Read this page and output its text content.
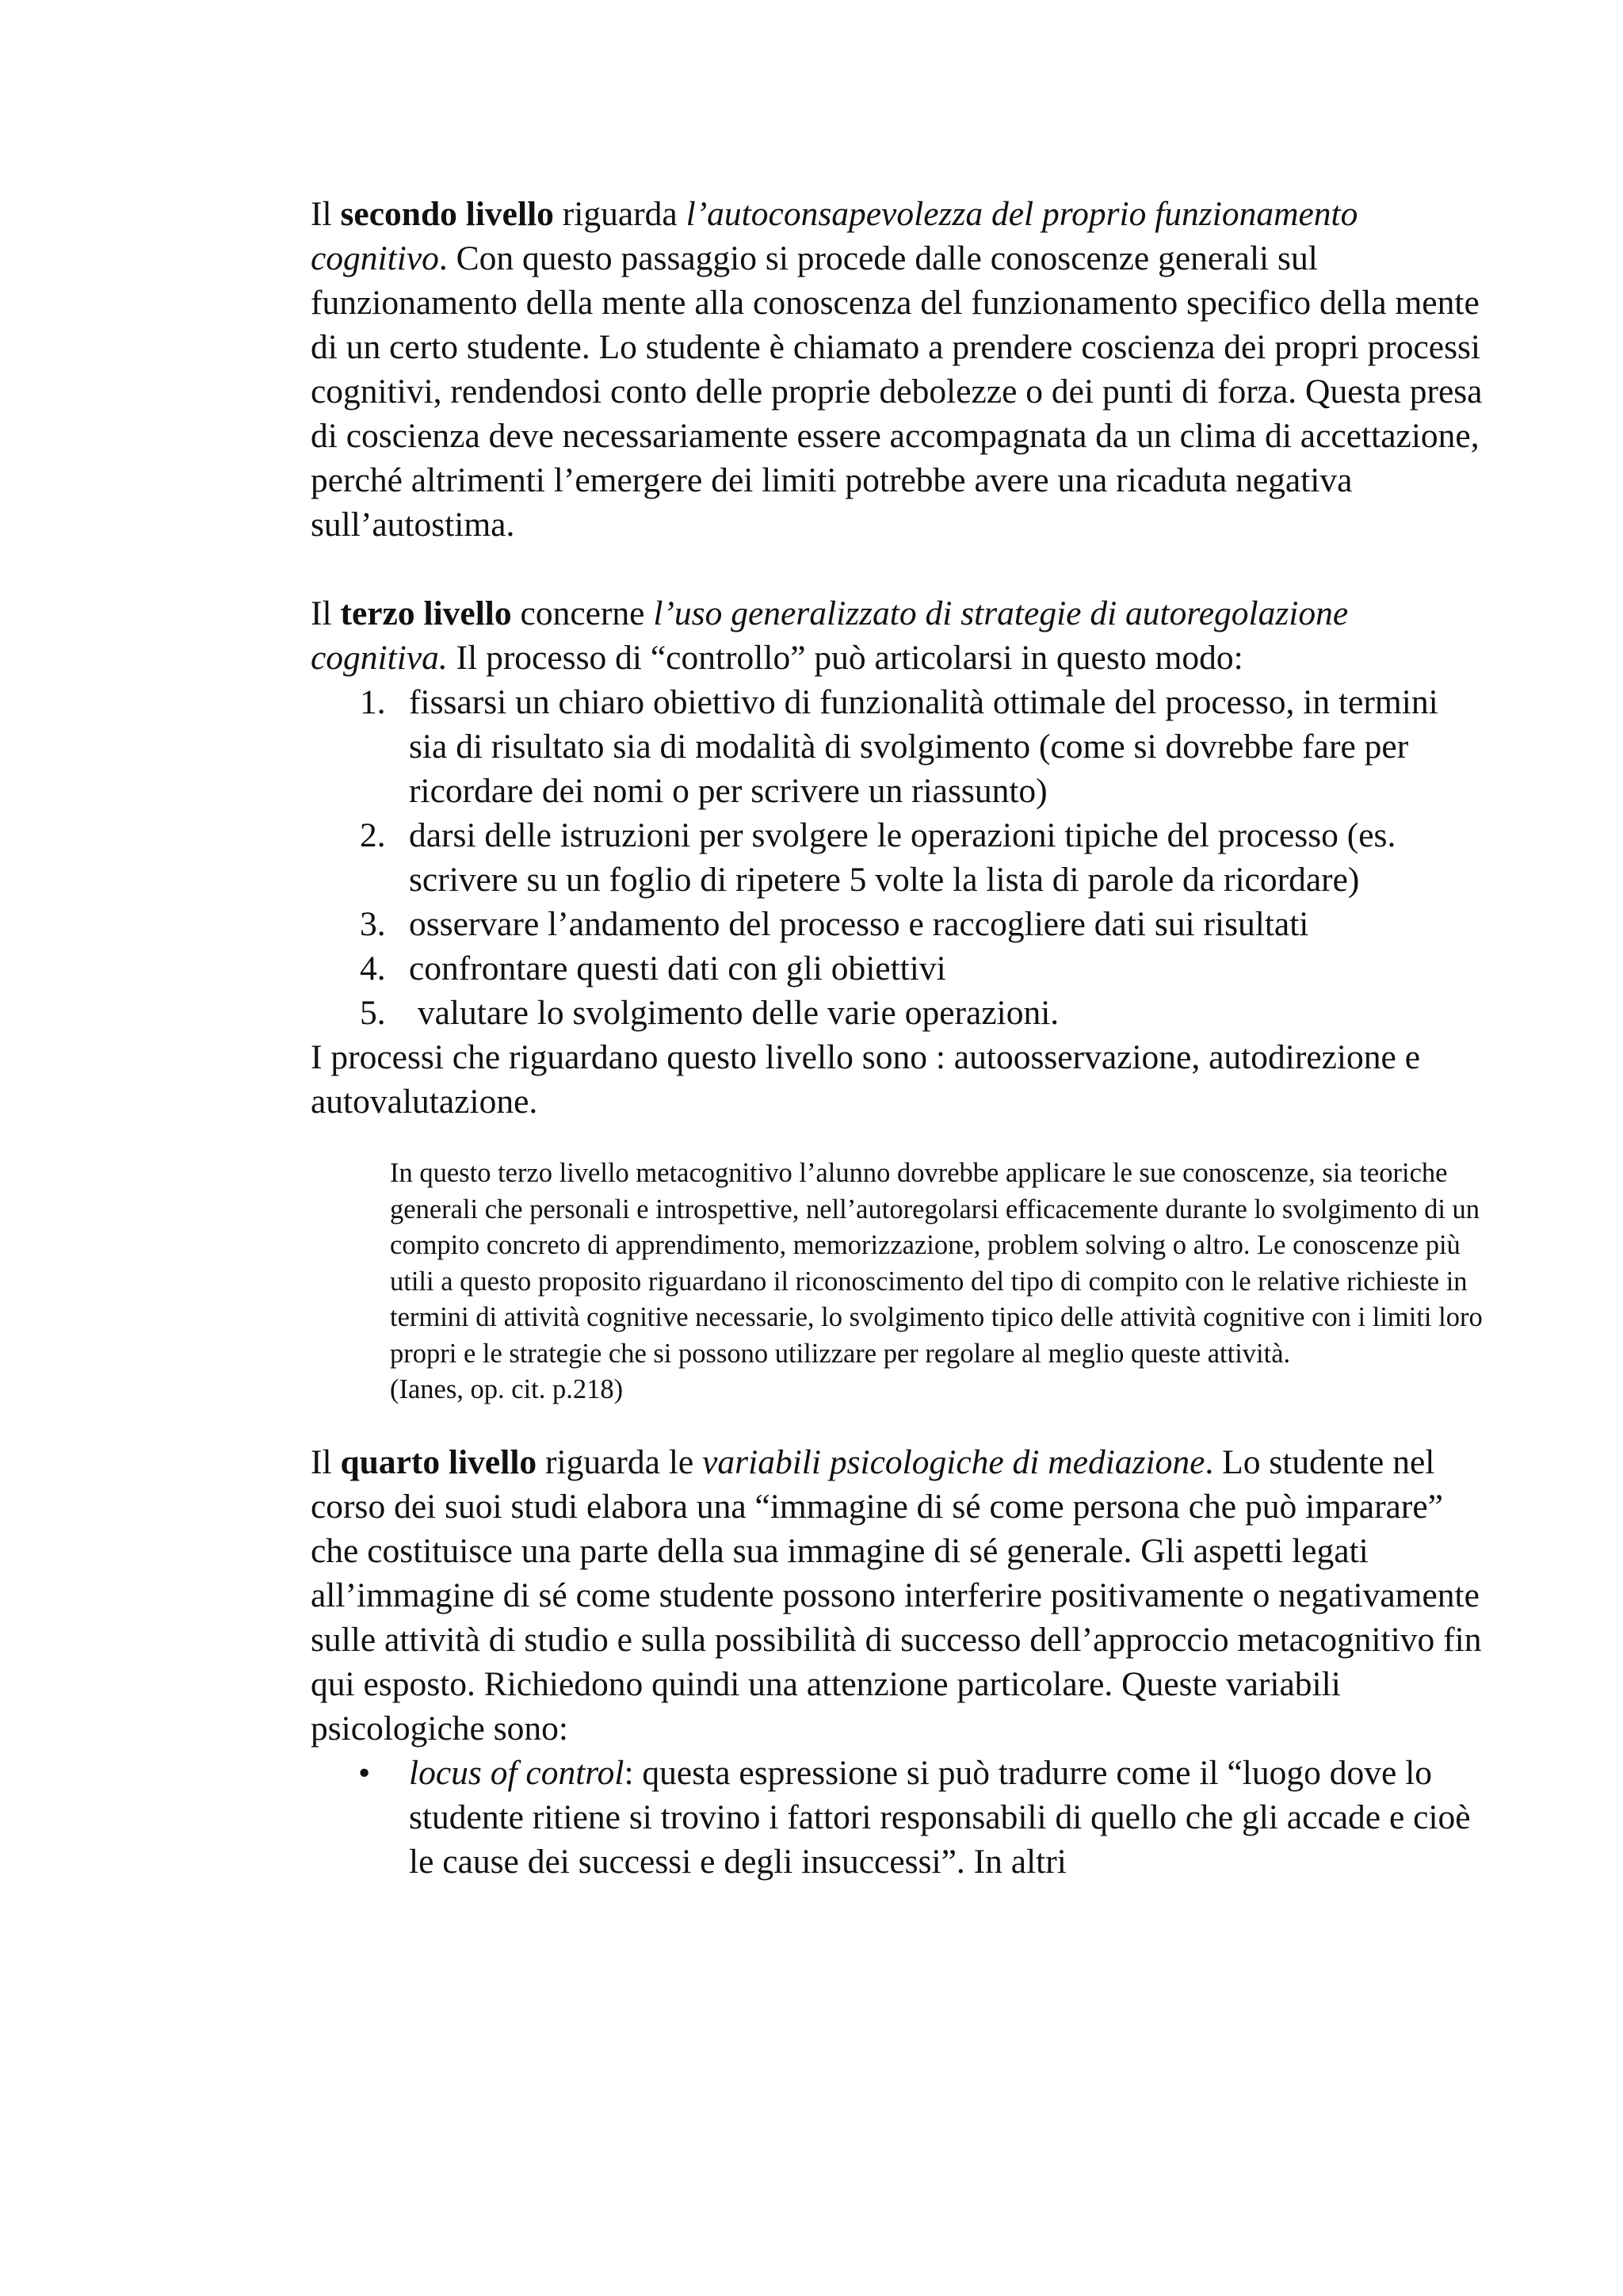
Il secondo livello riguarda l’autoconsapevolezza del proprio funzionamento cognitivo. Con questo passaggio si procede dalle conoscenze generali sul funzionamento della mente alla conoscenza del funzionamento specifico della mente di un certo studente. Lo studente è chiamato a prendere coscienza dei propri processi cognitivi, rendendosi conto delle proprie debolezze o dei punti di forza. Questa presa di coscienza deve necessariamente essere accompagnata da un clima di accettazione, perché altrimenti l’emergere dei limiti potrebbe avere una ricaduta negativa sull’autostima.

Il terzo livello concerne l’uso generalizzato di strategie di autoregolazione cognitiva. Il processo di “controllo” può articolarsi in questo modo:

1. fissarsi un chiaro obiettivo di funzionalità ottimale del processo, in termini sia di risultato sia di modalità di svolgimento (come si dovrebbe fare per ricordare dei nomi o per scrivere un riassunto)
2. darsi delle istruzioni per svolgere le operazioni tipiche del processo (es. scrivere su un foglio di ripetere 5 volte la lista di parole da ricordare)
3. osservare l’andamento del processo e raccogliere dati sui risultati
4. confrontare questi dati con gli obiettivi
5. valutare lo svolgimento delle varie operazioni.

I processi che riguardano questo livello sono : autoosservazione, autodirezione e autovalutazione.

In questo terzo livello metacognitivo l’alunno dovrebbe applicare le sue conoscenze, sia teoriche generali che personali e introspettive, nell’autoregolarsi efficacemente durante lo svolgimento di un compito concreto di apprendimento, memorizzazione, problem solving o altro. Le conoscenze più utili a questo proposito riguardano il riconoscimento del tipo di compito con le relative richieste in termini di attività cognitive necessarie, lo svolgimento tipico delle attività cognitive con i limiti loro propri e le strategie che si possono utilizzare per regolare al meglio queste attività.

(Ianes, op. cit. p.218)

Il quarto livello riguarda le variabili psicologiche di mediazione. Lo studente nel corso dei suoi studi elabora una “immagine di sé come persona che può imparare” che costituisce una parte della sua immagine di sé generale. Gli aspetti legati all’immagine di sé come studente possono interferire positivamente o negativamente sulle attività di studio e sulla possibilità di successo dell’approccio metacognitivo fin qui esposto. Richiedono quindi una attenzione particolare. Queste variabili psicologiche sono:

• locus of control: questa espressione si può tradurre come il “luogo dove lo studente ritiene si trovino i fattori responsabili di quello che gli accade e cioè le cause dei successi e degli insuccessi”. In altri
